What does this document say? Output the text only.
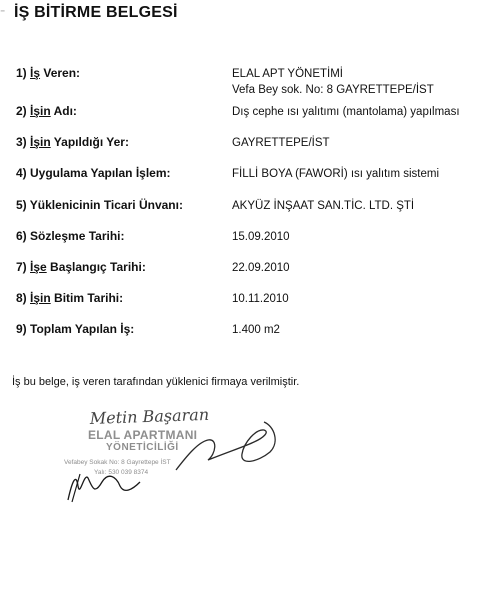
- İŞ BİTİRME BELGESİ
1) İş Veren:	ELAL APT YÖNETİMİ
Vefa Bey sok. No: 8 GAYRETTEPE/İST
2) İşin Adı:	Dış cephe ısı yalıtımı (mantolama) yapılması
3) İşin Yapıldığı Yer:	GAYRETTEPE/İST
4) Uygulama Yapılan İşlem:	FİLLİ BOYA (FAWORİ) ısı yalıtım sistemi
5) Yüklenicinin Ticari Ünvanı:	AKYÜZ İNŞAAT SAN.TİC. LTD. ŞTİ
6) Sözleşme Tarihi:	15.09.2010
7) İşe Başlangıç Tarihi:	22.09.2010
8) İşin Bitim Tarihi:	10.11.2010
9) Toplam Yapılan İş:	1.400 m2
İş bu belge, iş veren tarafından yüklenici firmaya verilmiştir.
Metin Başaran
ELAL APARTMANI
YÖNETİCİLİĞİ
Vefabey Sokak No: 8 Gayrettepe İST
Yalı: 530 039 8374
